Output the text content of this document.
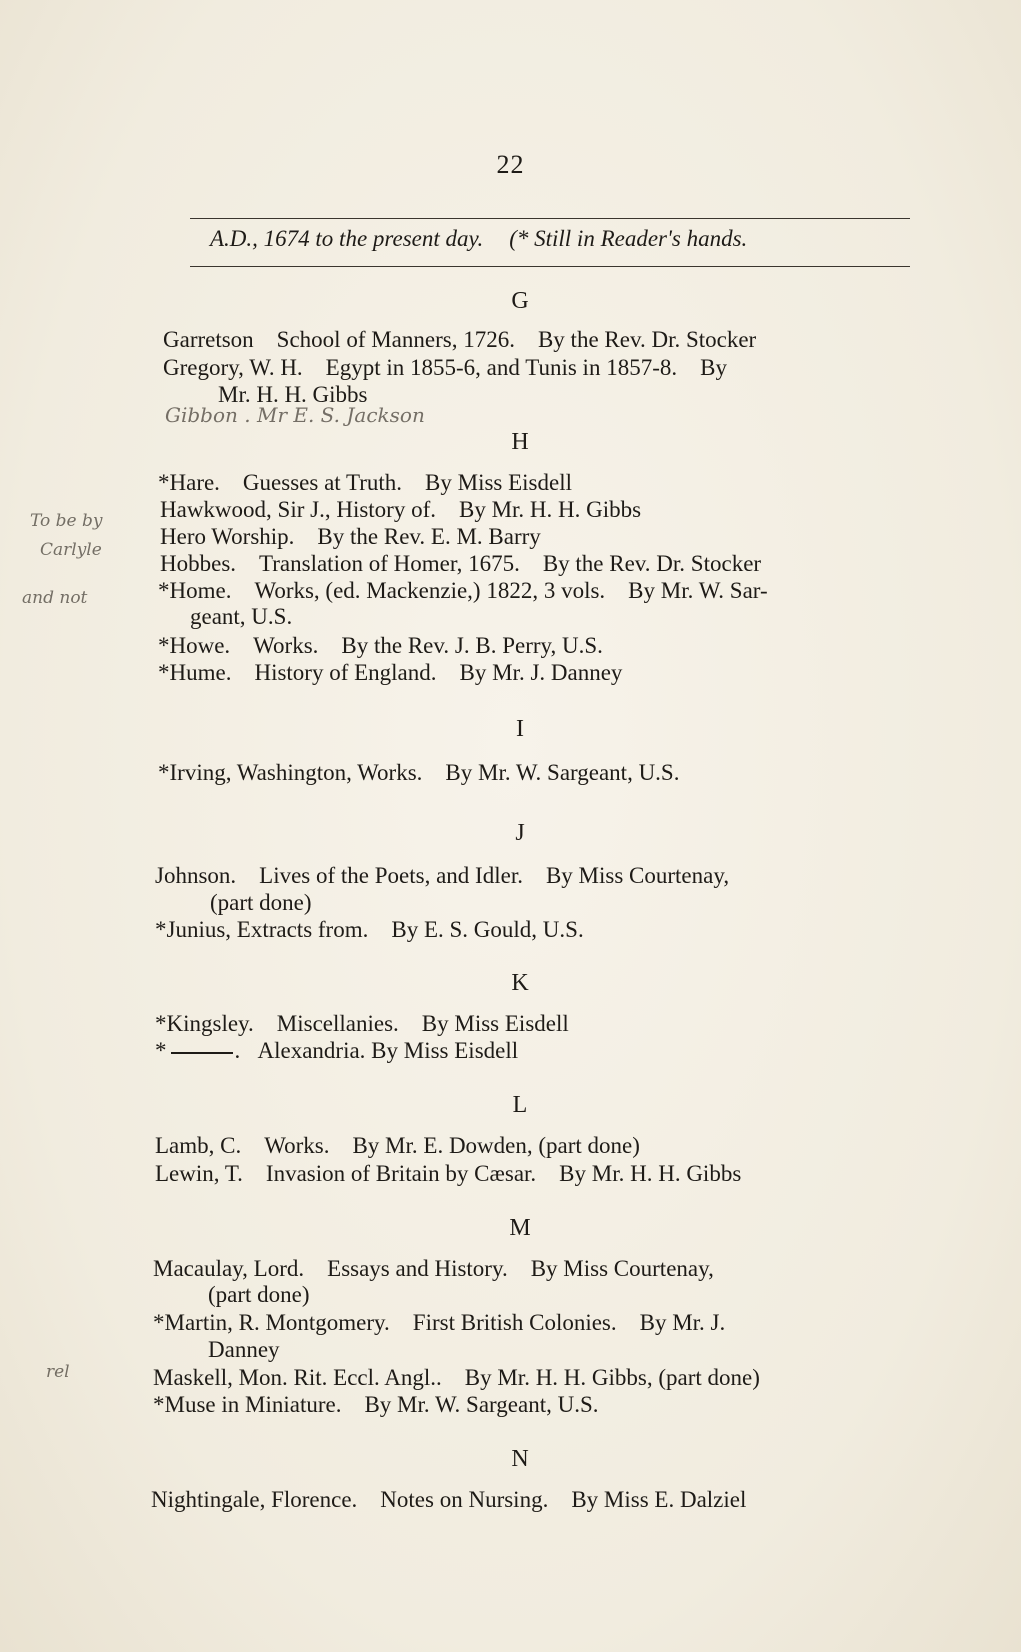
22
A.D., 1674 to the present day. (* Still in Reader's hands.
G
Garretson    School of Manners, 1726.    By the Rev. Dr. Stocker
Gregory, W. H.    Egypt in 1855-6, and Tunis in 1857-8.    By
Mr. H. H. Gibbs
Gibbon . Mr E. S. Jackson
H
*Hare.    Guesses at Truth.    By Miss Eisdell
Hawkwood, Sir J., History of.    By Mr. H. H. Gibbs
Hero Worship.    By the Rev. E. M. Barry
Hobbes.    Translation of Homer, 1675.    By the Rev. Dr. Stocker
*Home.    Works, (ed. Mackenzie,) 1822, 3 vols.    By Mr. W. Sar-
geant, U.S.
*Howe.    Works.    By the Rev. J. B. Perry, U.S.
*Hume.    History of England.    By Mr. J. Danney
To be by
Carlyle
and not
I
*Irving, Washington, Works.    By Mr. W. Sargeant, U.S.
J
Johnson.    Lives of the Poets, and Idler.    By Miss Courtenay,
(part done)
*Junius, Extracts from.    By E. S. Gould, U.S.
K
*Kingsley.    Miscellanies.    By Miss Eisdell
*	.   Alexandria. By Miss Eisdell
L
Lamb, C.    Works.    By Mr. E. Dowden, (part done)
Lewin, T.    Invasion of Britain by Cæsar.    By Mr. H. H. Gibbs
M
Macaulay, Lord.    Essays and History.    By Miss Courtenay,
(part done)
*Martin, R. Montgomery.    First British Colonies.    By Mr. J.
Danney
Maskell, Mon. Rit. Eccl. Angl..    By Mr. H. H. Gibbs, (part done)
*Muse in Miniature.    By Mr. W. Sargeant, U.S.
rel
N
Nightingale, Florence.    Notes on Nursing.    By Miss E. Dalziel
